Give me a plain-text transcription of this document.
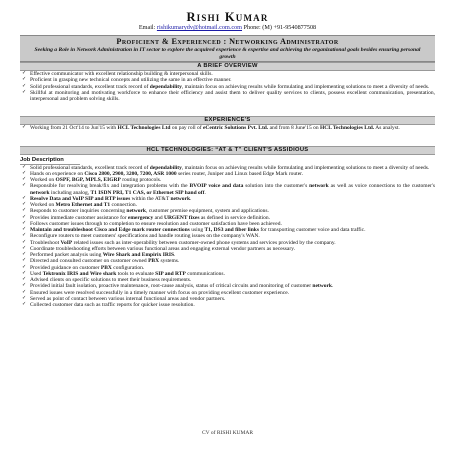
Rishi Kumar
Email: rishikumarydv@hotmail.com.com Phone: (M) +91-9540877508
Proficient & Experienced : Networking Administrator
Seeking a Role in Network Administration in IT sector to explore the acquired experience & expertise and achieving the organizational goals besides ensuring personal growth
A BRIEF OVERVIEW
✓ Effective communicator with excellent relationship building & interpersonal skills.
✓ Proficient in grasping new technical concepts and utilizing the same in an effective manner.
✓ Solid professional standards, excellent track record of dependability, maintain focus on achieving results while formulating and implementing solutions to meet a diversity of needs.
✓ Skillful at monitoring and motivating workforce to enhance their efficiency and assist them to deliver quality services to clients, possess excellent communication, presentation, interpersonal and problem solving skills.
EXPERIENCE'S
✓ Working from 21 Oct'14 to Jun'15 with HCL Technologies Ltd on pay roll of eCentric Solutions Pvt. Ltd. and from 8 June'15 on HCL Technologies Ltd. As analyst.
HCL TECHNOLOGIES: “AT & T” CLIENT'S ASSIDIOUS
Job Description
✓ Solid professional standards, excellent track record of dependability, maintain focus on achieving results while formulating and implementing solutions to meet a diversity of needs.
✓ Hands on experience on Cisco 2800, 2900, 3200, 7200, ASR 1000 series router, Juniper and Linux based Edge Mark router.
✓ Worked on OSPF, BGP, MPLS, EIGRP routing protocols.
✓ Responsible for resolving break/fix and integration problems with the BVOIP voice and data solution into the customer's network as well as voice connections to the customer's network including analog, T1 ISDN PRI, T1 CAS, or Ethernet SIP hand off.
✓ Resolve Data and VoIP SIP and RTP issues within the AT&T network.
✓ Worked on Metro Ethernet and T1 connection.
✓ Responds to customer inquiries concerning network, customer premise equipment, system and applications.
✓ Provides immediate customer assistance for emergency and URGENT fixes as defined in service definition.
✓ Follows customer issues through to completion to ensure resolution and customer satisfaction have been achieved.
✓ Maintain and troubleshoot Cisco and Edge mark router connections using T1, DS3 and fiber links for transporting customer voice and data traffic.
✓ Reconfigure routers to meet customers' specifications and handle routing issues on the company's WAN.
✓ Troubleshoot VoIP related issues such as inter-operability between customer-owned phone systems and services provided by the company.
✓ Coordinate troubleshooting efforts between various functional areas and engaging external vendor partners as necessary.
✓ Performed packet analysis using Wire Shark and Empirix IRIS.
✓ Directed and consulted customer on customer owned PBX systems.
✓ Provided guidance on customer PBX configuration.
✓ Used Tektronix IRIS and Wire shark tools to evaluate SIP and RTP communications.
✓ Advised clients on specific solutions to meet their business requirements.
✓ Provided initial fault isolation, proactive maintenance, root-cause analysis, status of critical circuits and monitoring of customer network.
✓ Ensured issues were resolved successfully in a timely manner with focus on providing excellent customer experience.
✓ Served as point of contact between various internal functional areas and vendor partners.
✓ Collected customer data such as traffic reports for quicker issue resolution.
CV of RISHI KUMAR
